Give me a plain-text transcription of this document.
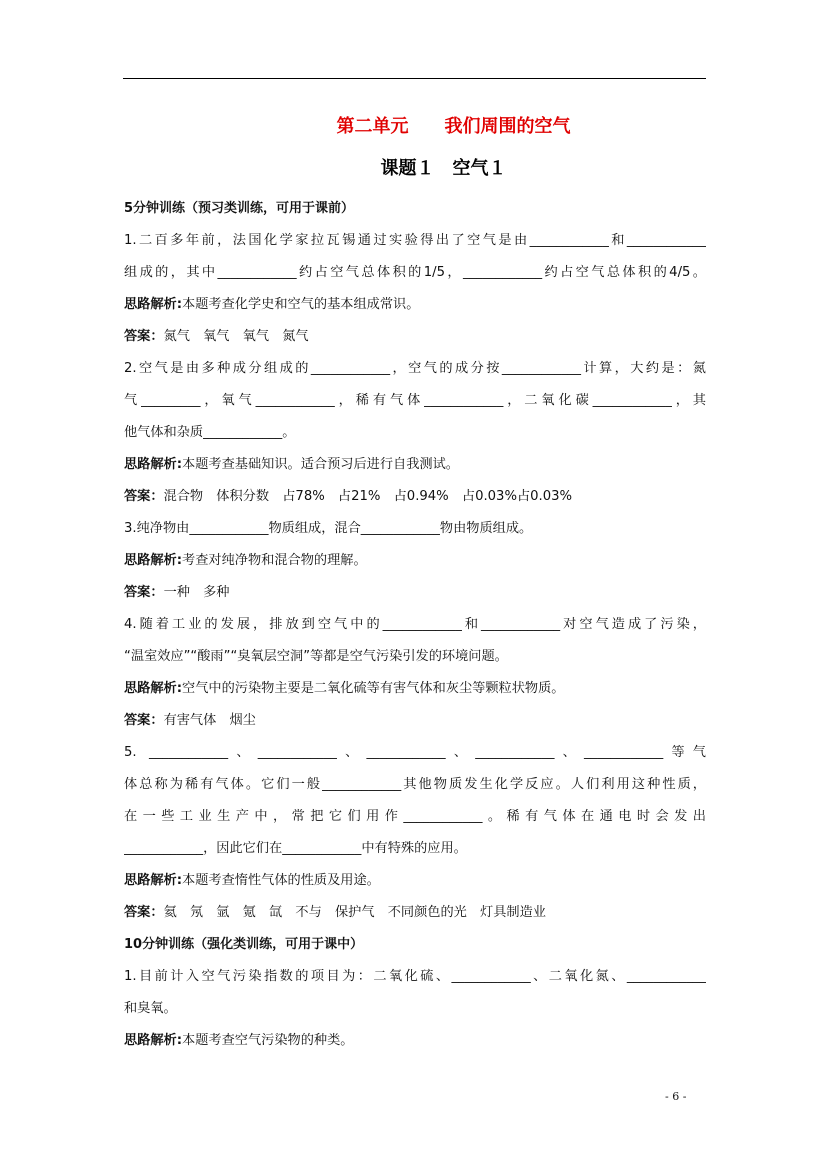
第二单元　　我们周围的空气
课题１　空气１
5分钟训练（预习类训练，可用于课前）
1.二百多年前，法国化学家拉瓦锡通过实验得出了空气是由____________和____________
组成的，其中____________约占空气总体积的1/5，____________约占空气总体积的4/5。
思路解析:本题考查化学史和空气的基本组成常识。
答案：氮气　氧气　氧气　氮气
2.空气是由多种成分组成的____________，空气的成分按____________计算，大约是：氮
气_________，氧气____________，稀有气体____________，二氧化碳____________，其
他气体和杂质____________。
思路解析:本题考查基础知识。适合预习后进行自我测试。
答案：混合物　体积分数　占78%　占21%　占0.94%　占0.03%占0.03%
3.纯净物由____________物质组成，混合____________物由物质组成。
思路解析:考查对纯净物和混合物的理解。
答案：一种　多种
4.随着工业的发展，排放到空气中的____________和____________对空气造成了污染，
“温室效应”“酸雨”“臭氧层空洞”等都是空气污染引发的环境问题。
思路解析:空气中的污染物主要是二氧化硫等有害气体和灰尘等颗粒状物质。
答案：有害气体　烟尘
5. ____________、____________、____________、____________、____________等气
体总称为稀有气体。它们一般____________其他物质发生化学反应。人们利用这种性质，
在一些工业生产中，常把它们用作____________。稀有气体在通电时会发出
____________，因此它们在____________中有特殊的应用。
思路解析:本题考查惰性气体的性质及用途。
答案：氦　氖　氩　氪　氙　不与　保护气　不同颜色的光　灯具制造业
10分钟训练（强化类训练，可用于课中）
1.目前计入空气污染指数的项目为：二氧化硫、____________、二氧化氮、____________
和臭氧。
思路解析:本题考查空气污染物的种类。
- 6 -
